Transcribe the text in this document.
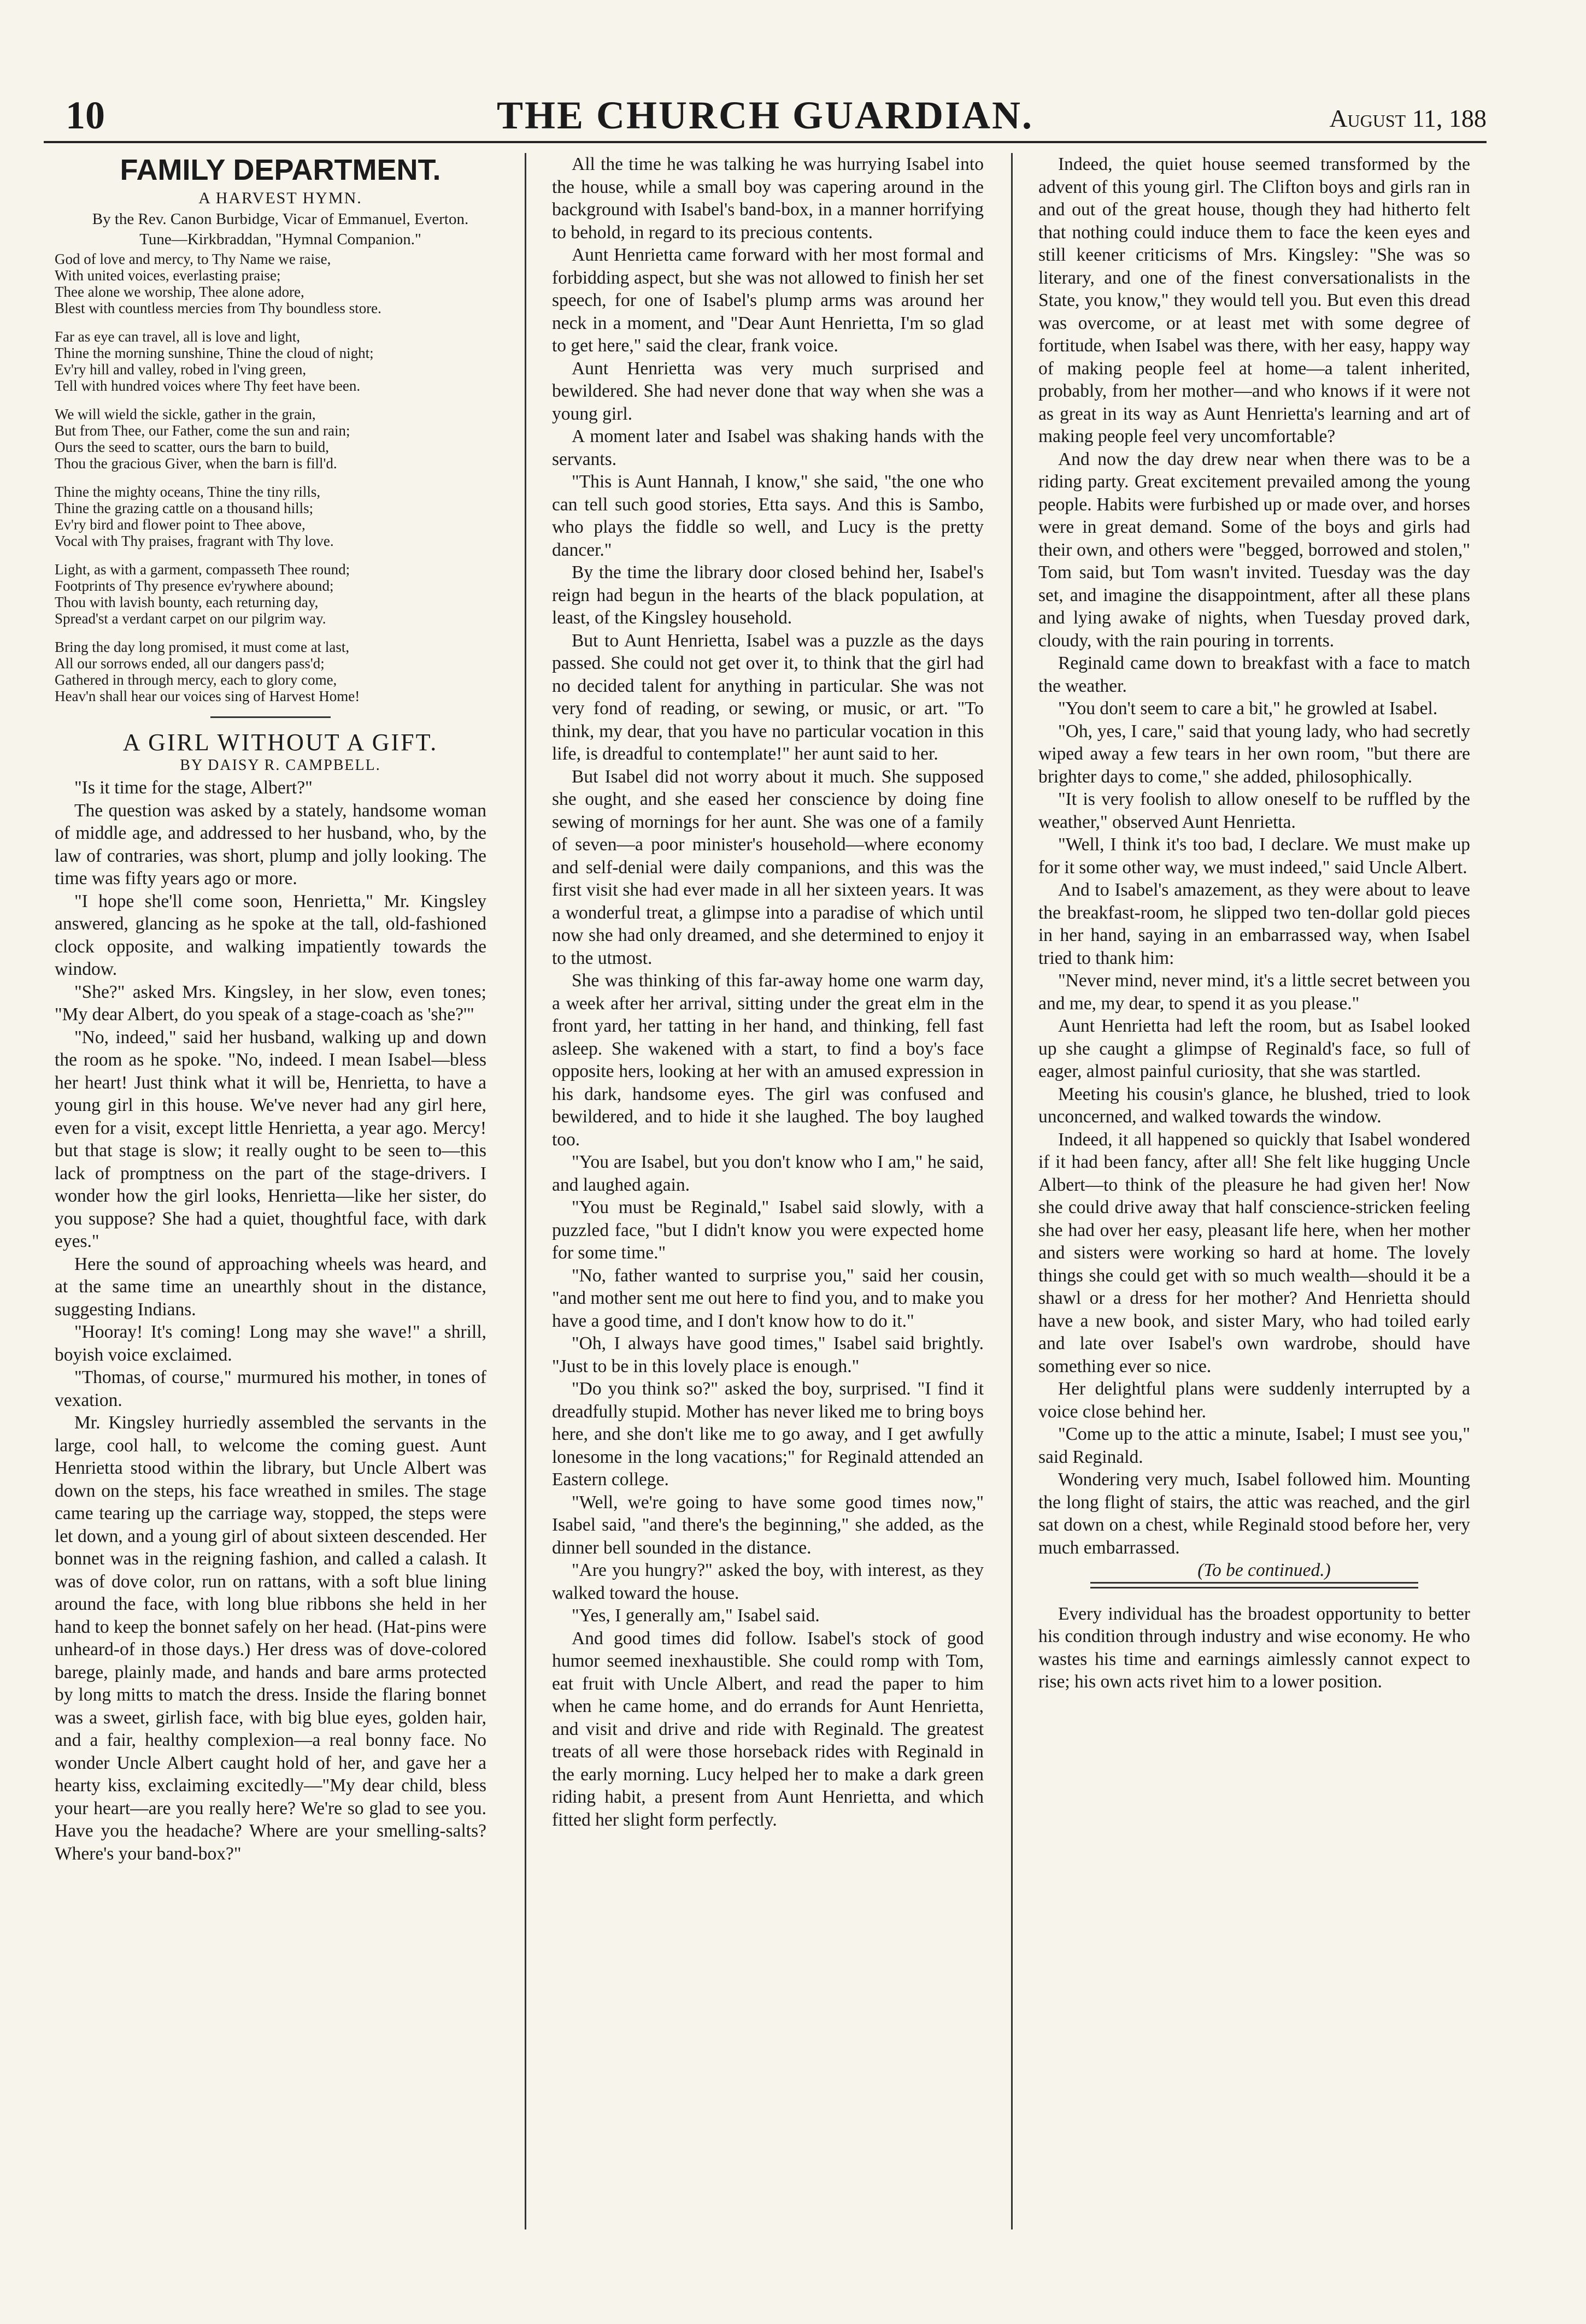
10	THE CHURCH GUARDIAN.	August 11, 188

FAMILY DEPARTMENT.

A HARVEST HYMN.

By the Rev. Canon Burbidge, Vicar of Emmanuel, Everton.

Tune—Kirkbraddan, "Hymnal Companion."

God of love and mercy, to Thy Name we raise,
With united voices, everlasting praise;
Thee alone we worship, Thee alone adore,
Blest with countless mercies from Thy boundless store.
Far as eye can travel, all is love and light,
Thine the morning sunshine, Thine the cloud of night;
Ev'ry hill and valley, robed in l'ving green,
Tell with hundred voices where Thy feet have been.
We will wield the sickle, gather in the grain,
But from Thee, our Father, come the sun and rain;
Ours the seed to scatter, ours the barn to build,
Thou the gracious Giver, when the barn is fill'd.
Thine the mighty oceans, Thine the tiny rills,
Thine the grazing cattle on a thousand hills;
Ev'ry bird and flower point to Thee above,
Vocal with Thy praises, fragrant with Thy love.
Light, as with a garment, compasseth Thee round;
Footprints of Thy presence ev'rywhere abound;
Thou with lavish bounty, each returning day,
Spread'st a verdant carpet on our pilgrim way.
Bring the day long promised, it must come at last,
All our sorrows ended, all our dangers pass'd;
Gathered in through mercy, each to glory come,
Heav'n shall hear our voices sing of Harvest Home!

A GIRL WITHOUT A GIFT.

BY DAISY R. CAMPBELL.

"Is it time for the stage, Albert?"

The question was asked by a stately, handsome woman of middle age, and addressed to her husband, who, by the law of contraries, was short, plump and jolly looking. The time was fifty years ago or more.

"I hope she'll come soon, Henrietta," Mr. Kingsley answered, glancing as he spoke at the tall, old-fashioned clock opposite, and walking impatiently towards the window.

"She?" asked Mrs. Kingsley, in her slow, even tones; "My dear Albert, do you speak of a stage-coach as 'she?'"

"No, indeed," said her husband, walking up and down the room as he spoke. "No, indeed. I mean Isabel—bless her heart! Just think what it will be, Henrietta, to have a young girl in this house. We've never had any girl here, even for a visit, except little Henrietta, a year ago. Mercy! but that stage is slow; it really ought to be seen to—this lack of promptness on the part of the stage-drivers. I wonder how the girl looks, Henrietta—like her sister, do you suppose? She had a quiet, thoughtful face, with dark eyes."

Here the sound of approaching wheels was heard, and at the same time an unearthly shout in the distance, suggesting Indians.

"Hooray! It's coming! Long may she wave!" a shrill, boyish voice exclaimed.

"Thomas, of course," murmured his mother, in tones of vexation.

Mr. Kingsley hurriedly assembled the servants in the large, cool hall, to welcome the coming guest. Aunt Henrietta stood within the library, but Uncle Albert was down on the steps, his face wreathed in smiles. The stage came tearing up the carriage way, stopped, the steps were let down, and a young girl of about sixteen descended. Her bonnet was in the reigning fashion, and called a calash. It was of dove color, run on rattans, with a soft blue lining around the face, with long blue ribbons she held in her hand to keep the bonnet safely on her head. (Hat-pins were unheard-of in those days.) Her dress was of dove-colored barege, plainly made, and hands and bare arms protected by long mitts to match the dress. Inside the flaring bonnet was a sweet, girlish face, with big blue eyes, golden hair, and a fair, healthy complexion—a real bonny face. No wonder Uncle Albert caught hold of her, and gave her a hearty kiss, exclaiming excitedly—"My dear child, bless your heart—are you really here? We're so glad to see you. Have you the headache? Where are your smelling-salts? Where's your band-box?"

All the time he was talking he was hurrying Isabel into the house, while a small boy was capering around in the background with Isabel's band-box, in a manner horrifying to behold, in regard to its precious contents.

Aunt Henrietta came forward with her most formal and forbidding aspect, but she was not allowed to finish her set speech, for one of Isabel's plump arms was around her neck in a moment, and "Dear Aunt Henrietta, I'm so glad to get here," said the clear, frank voice.

Aunt Henrietta was very much surprised and bewildered. She had never done that way when she was a young girl.

A moment later and Isabel was shaking hands with the servants.

"This is Aunt Hannah, I know," she said, "the one who can tell such good stories, Etta says. And this is Sambo, who plays the fiddle so well, and Lucy is the pretty dancer."

By the time the library door closed behind her, Isabel's reign had begun in the hearts of the black population, at least, of the Kingsley household.

But to Aunt Henrietta, Isabel was a puzzle as the days passed. She could not get over it, to think that the girl had no decided talent for anything in particular. She was not very fond of reading, or sewing, or music, or art. "To think, my dear, that you have no particular vocation in this life, is dreadful to contemplate!" her aunt said to her.

But Isabel did not worry about it much. She supposed she ought, and she eased her conscience by doing fine sewing of mornings for her aunt. She was one of a family of seven—a poor minister's household—where economy and self-denial were daily companions, and this was the first visit she had ever made in all her sixteen years. It was a wonderful treat, a glimpse into a paradise of which until now she had only dreamed, and she determined to enjoy it to the utmost.

She was thinking of this far-away home one warm day, a week after her arrival, sitting under the great elm in the front yard, her tatting in her hand, and thinking, fell fast asleep. She wakened with a start, to find a boy's face opposite hers, looking at her with an amused expression in his dark, handsome eyes. The girl was confused and bewildered, and to hide it she laughed. The boy laughed too.

"You are Isabel, but you don't know who I am," he said, and laughed again.

"You must be Reginald," Isabel said slowly, with a puzzled face, "but I didn't know you were expected home for some time."

"No, father wanted to surprise you," said her cousin, "and mother sent me out here to find you, and to make you have a good time, and I don't know how to do it."

"Oh, I always have good times," Isabel said brightly. "Just to be in this lovely place is enough."

"Do you think so?" asked the boy, surprised. "I find it dreadfully stupid. Mother has never liked me to bring boys here, and she don't like me to go away, and I get awfully lonesome in the long vacations;" for Reginald attended an Eastern college.

"Well, we're going to have some good times now," Isabel said, "and there's the beginning," she added, as the dinner bell sounded in the distance.

"Are you hungry?" asked the boy, with interest, as they walked toward the house.

"Yes, I generally am," Isabel said.

And good times did follow. Isabel's stock of good humor seemed inexhaustible. She could romp with Tom, eat fruit with Uncle Albert, and read the paper to him when he came home, and do errands for Aunt Henrietta, and visit and drive and ride with Reginald. The greatest treats of all were those horseback rides with Reginald in the early morning. Lucy helped her to make a dark green riding habit, a present from Aunt Henrietta, and which fitted her slight form perfectly.

Indeed, the quiet house seemed transformed by the advent of this young girl. The Clifton boys and girls ran in and out of the great house, though they had hitherto felt that nothing could induce them to face the keen eyes and still keener criticisms of Mrs. Kingsley: "She was so literary, and one of the finest conversationalists in the State, you know," they would tell you. But even this dread was overcome, or at least met with some degree of fortitude, when Isabel was there, with her easy, happy way of making people feel at home—a talent inherited, probably, from her mother—and who knows if it were not as great in its way as Aunt Henrietta's learning and art of making people feel very uncomfortable?

And now the day drew near when there was to be a riding party. Great excitement prevailed among the young people. Habits were furbished up or made over, and horses were in great demand. Some of the boys and girls had their own, and others were "begged, borrowed and stolen," Tom said, but Tom wasn't invited. Tuesday was the day set, and imagine the disappointment, after all these plans and lying awake of nights, when Tuesday proved dark, cloudy, with the rain pouring in torrents.

Reginald came down to breakfast with a face to match the weather.

"You don't seem to care a bit," he growled at Isabel.

"Oh, yes, I care," said that young lady, who had secretly wiped away a few tears in her own room, "but there are brighter days to come," she added, philosophically.

"It is very foolish to allow oneself to be ruffled by the weather," observed Aunt Henrietta.

"Well, I think it's too bad, I declare. We must make up for it some other way, we must indeed," said Uncle Albert.

And to Isabel's amazement, as they were about to leave the breakfast-room, he slipped two ten-dollar gold pieces in her hand, saying in an embarrassed way, when Isabel tried to thank him:

"Never mind, never mind, it's a little secret between you and me, my dear, to spend it as you please."

Aunt Henrietta had left the room, but as Isabel looked up she caught a glimpse of Reginald's face, so full of eager, almost painful curiosity, that she was startled.

Meeting his cousin's glance, he blushed, tried to look unconcerned, and walked towards the window.

Indeed, it all happened so quickly that Isabel wondered if it had been fancy, after all! She felt like hugging Uncle Albert—to think of the pleasure he had given her! Now she could drive away that half conscience-stricken feeling she had over her easy, pleasant life here, when her mother and sisters were working so hard at home. The lovely things she could get with so much wealth—should it be a shawl or a dress for her mother? And Henrietta should have a new book, and sister Mary, who had toiled early and late over Isabel's own wardrobe, should have something ever so nice.

Her delightful plans were suddenly interrupted by a voice close behind her.

"Come up to the attic a minute, Isabel; I must see you," said Reginald.

Wondering very much, Isabel followed him. Mounting the long flight of stairs, the attic was reached, and the girl sat down on a chest, while Reginald stood before her, very much embarrassed.

(To be continued.)

Every individual has the broadest opportunity to better his condition through industry and wise economy. He who wastes his time and earnings aimlessly cannot expect to rise; his own acts rivet him to a lower position.
